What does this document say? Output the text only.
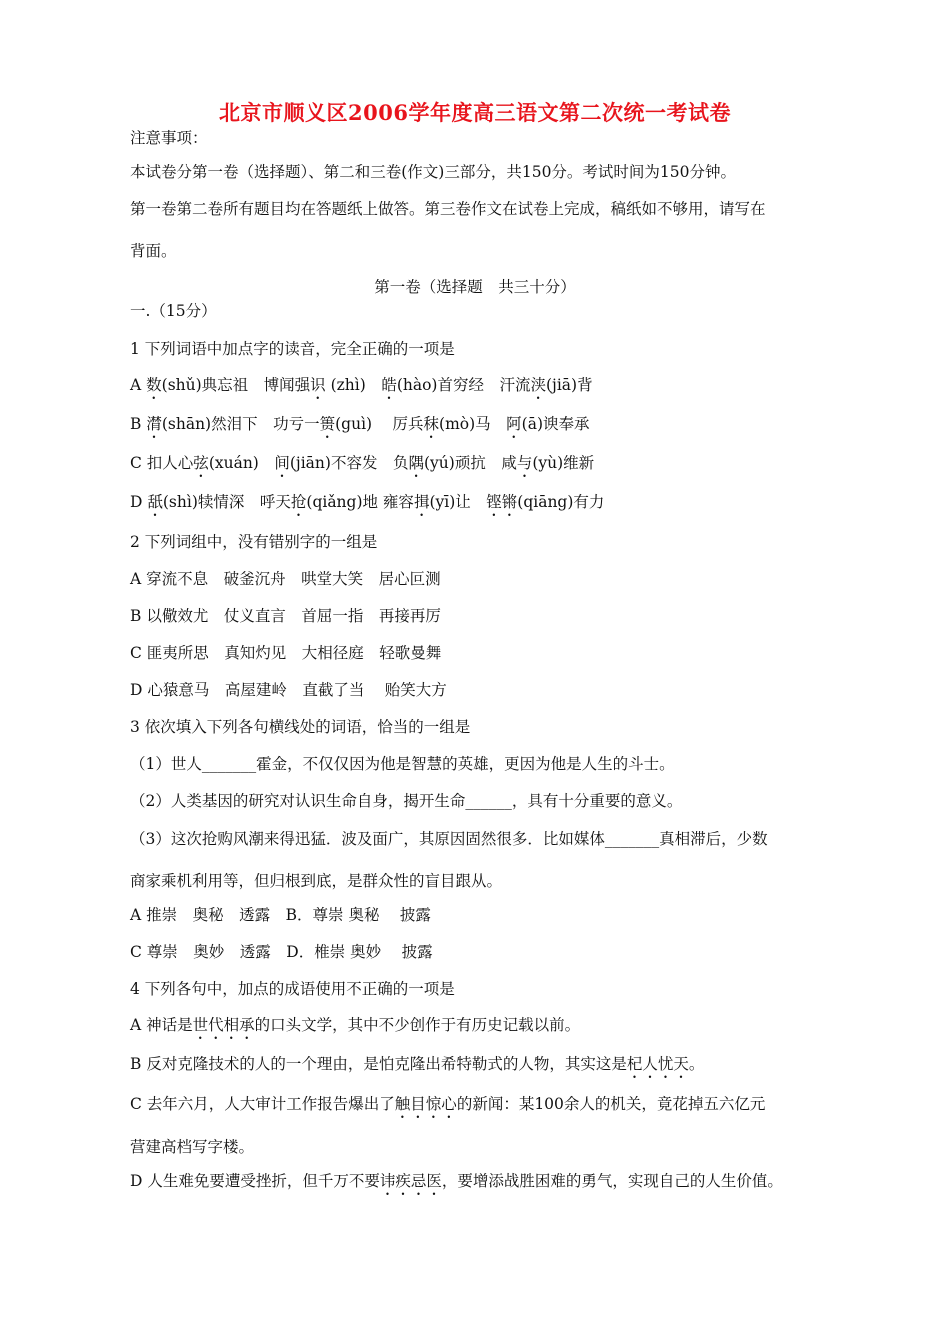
北京市顺义区2006学年度高三语文第二次统一考试卷
注意事项：
本试卷分第一卷（选择题）、第二和三卷(作文)三部分，共150分。考试时间为150分钟。
第一卷第二卷所有题目均在答题纸上做答。第三卷作文在试卷上完成，稿纸如不够用，请写在
背面。
第一卷（选择题　共三十分）
一.（15分）
1 下列词语中加点字的读音，完全正确的一项是
A 数(shǔ)典忘祖　博闻强识 (zhì)　皓(hào)首穷经　汗流浃(jiā)背
B 潸(shān)然泪下　功亏一篑(guì)　 厉兵秣(mò)马　阿(ā)谀奉承
C 扣人心弦(xuán)　间(jiān)不容发　负隅(yú)顽抗　咸与(yù)维新
D 舐(shì)犊情深　呼天抢(qiǎng)地 雍容揖(yī)让　铿锵(qiāng)有力
2 下列词组中，没有错别字的一组是
A 穿流不息　破釜沉舟　哄堂大笑　居心叵测
B 以儆效尤　仗义直言　首屈一指　再接再厉
C 匪夷所思　真知灼见　大相径庭　轻歌曼舞
D 心猿意马　高屋建岭　直截了当　 贻笑大方
3 依次填入下列各句横线处的词语，恰当的一组是
（1）世人_______霍金，不仅仅因为他是智慧的英雄，更因为他是人生的斗士。
（2）人类基因的研究对认识生命自身，揭开生命______，具有十分重要的意义。
（3）这次抢购风潮来得迅猛．波及面广，其原因固然很多．比如媒体_______真相滞后，少数
商家乘机利用等，但归根到底，是群众性的盲目跟从。
A 推崇　奥秘　透露　B．尊崇 奥秘　 披露
C 尊崇　奥妙　透露　D．椎崇 奥妙　 披露
4 下列各句中，加点的成语使用不正确的一项是
A 神话是世代相承的口头文学，其中不少创作于有历史记载以前。
B 反对克隆技术的人的一个理由，是怕克隆出希特勒式的人物，其实这是杞人忧天。
C 去年六月，人大审计工作报告爆出了触目惊心的新闻：某100余人的机关，竟花掉五六亿元
营建高档写字楼。
D 人生难免要遭受挫折，但千万不要讳疾忌医，要增添战胜困难的勇气，实现自己的人生价值。
